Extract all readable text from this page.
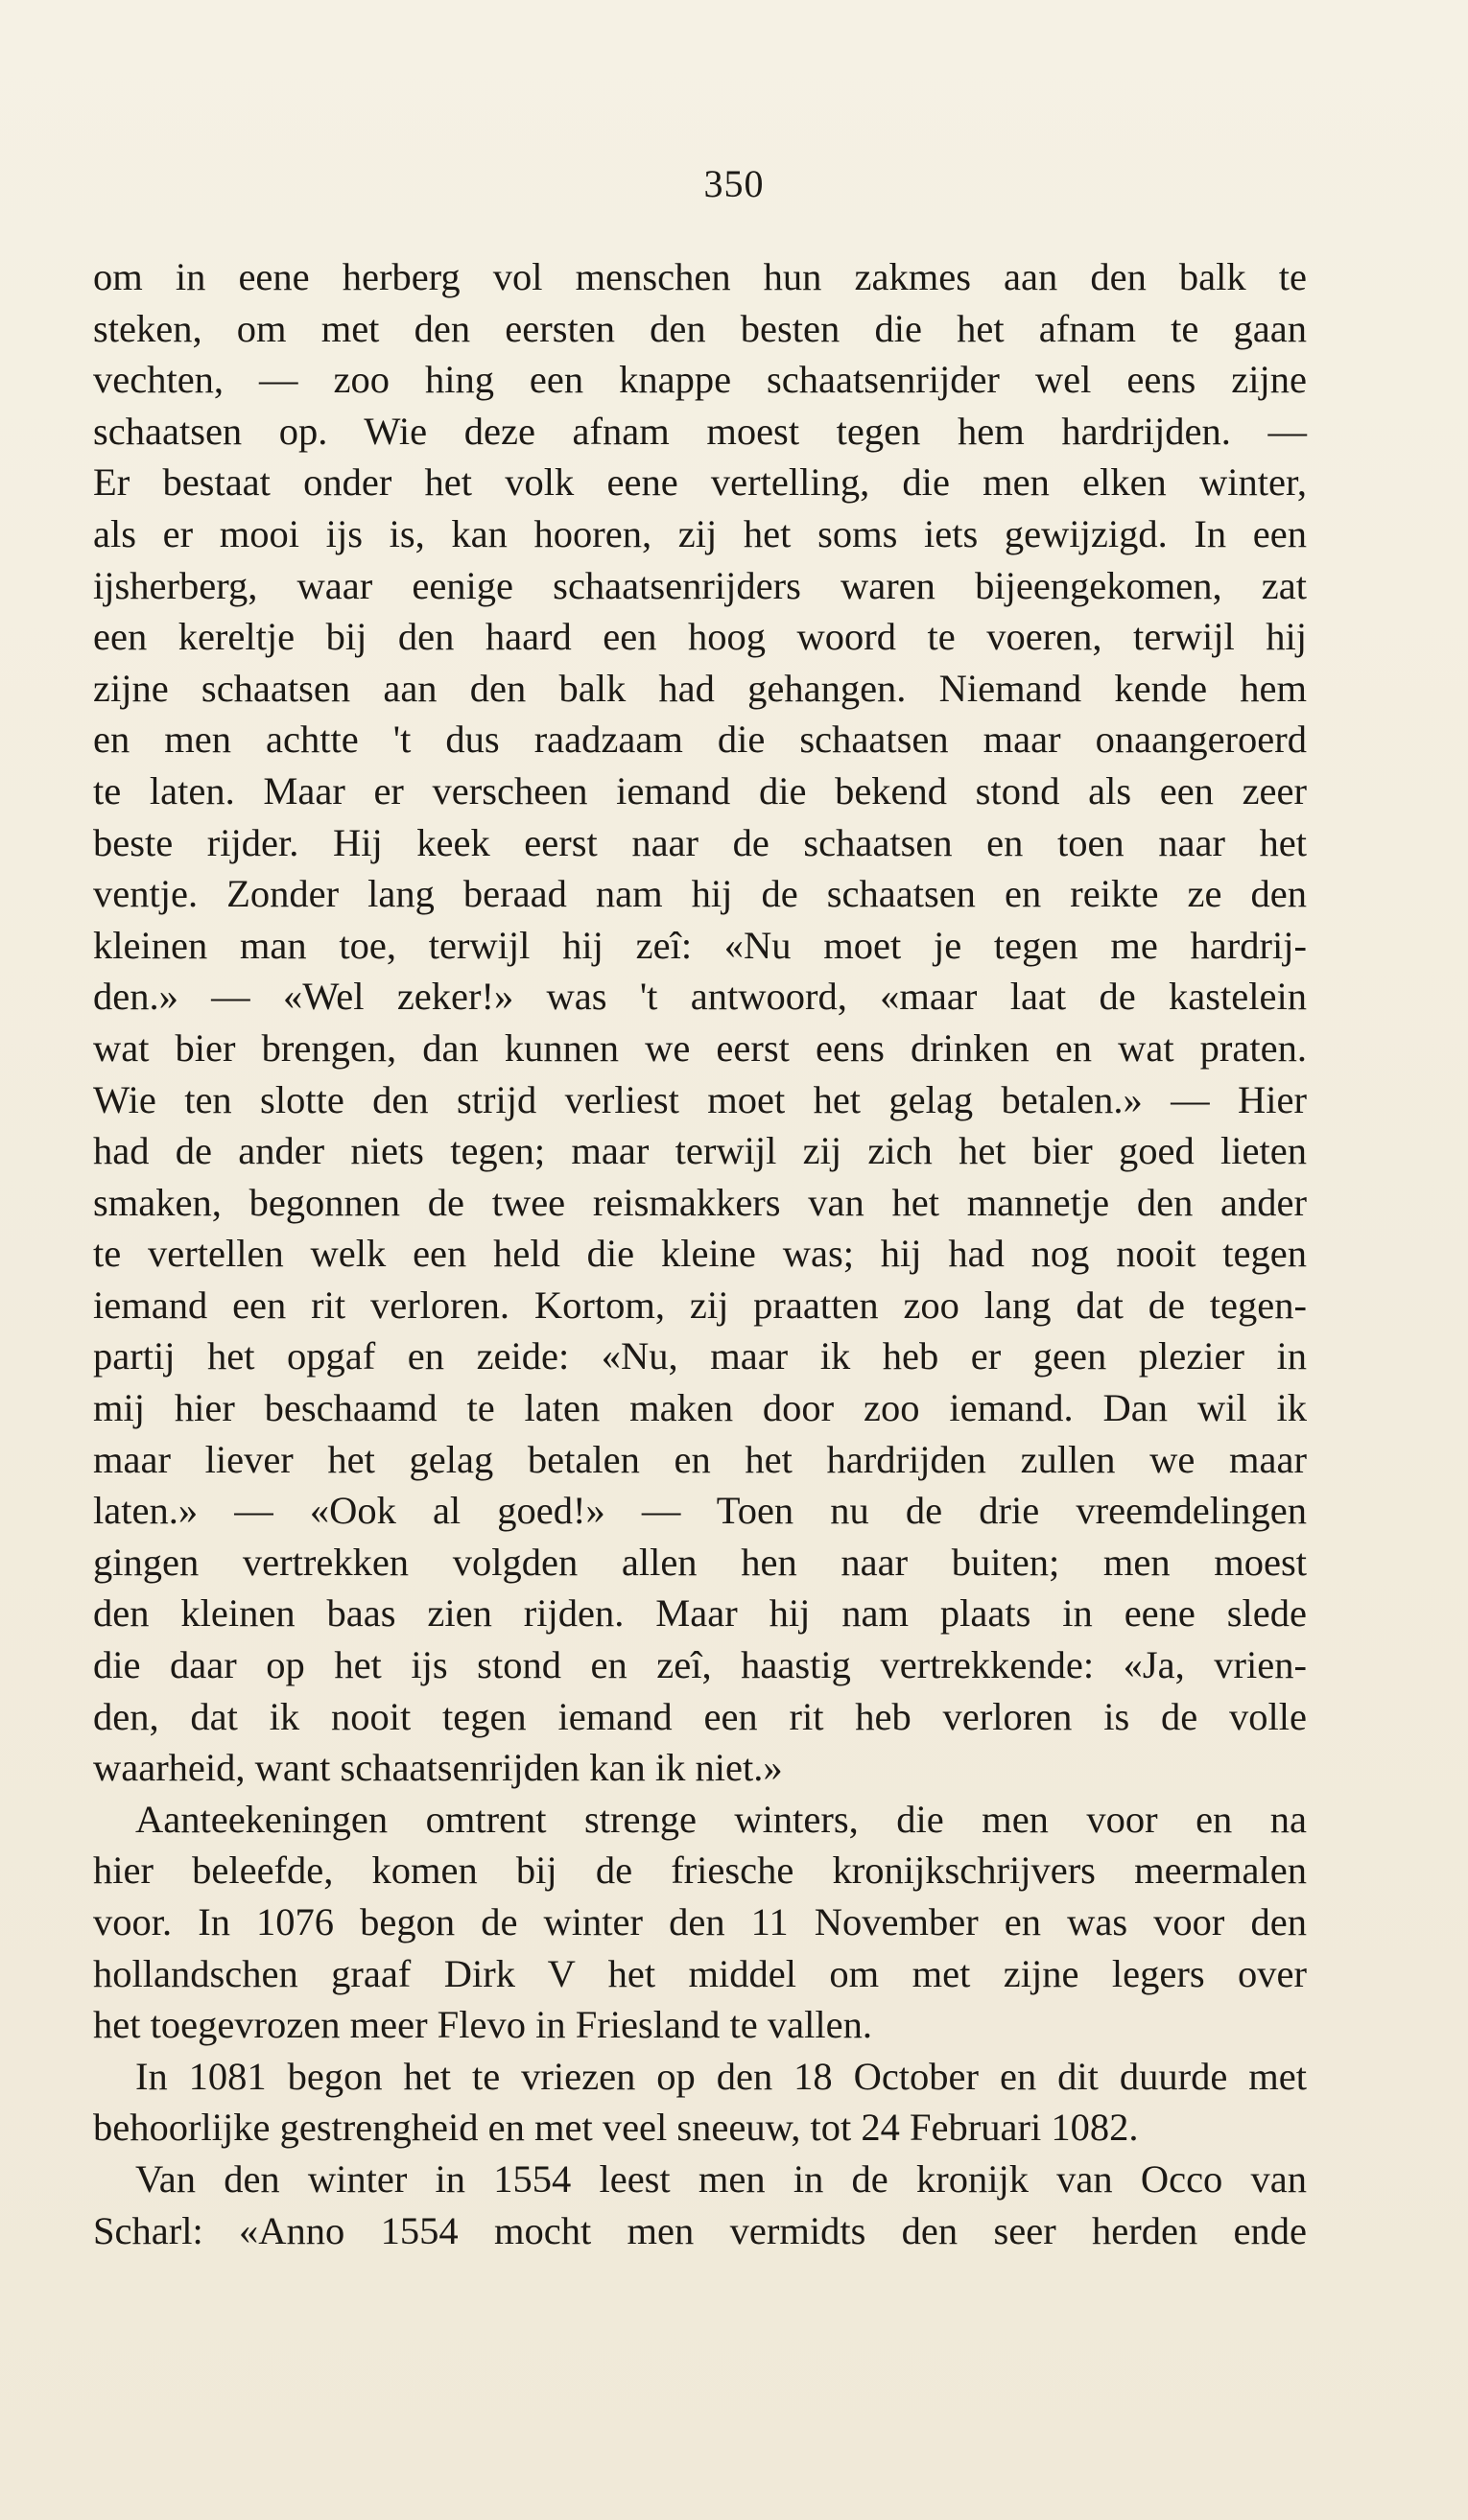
350
om in eene herberg vol menschen hun zakmes aan den balk te
steken, om met den eersten den besten die het afnam te gaan
vechten, — zoo hing een knappe schaatsenrijder wel eens zijne
schaatsen op. Wie deze afnam moest tegen hem hardrijden. —
Er bestaat onder het volk eene vertelling, die men elken winter,
als er mooi ijs is, kan hooren, zij het soms iets gewijzigd. In een
ijsherberg, waar eenige schaatsenrijders waren bijeengekomen, zat
een kereltje bij den haard een hoog woord te voeren, terwijl hij
zijne schaatsen aan den balk had gehangen. Niemand kende hem
en men achtte 't dus raadzaam die schaatsen maar onaangeroerd
te laten. Maar er verscheen iemand die bekend stond als een zeer
beste rijder. Hij keek eerst naar de schaatsen en toen naar het
ventje. Zonder lang beraad nam hij de schaatsen en reikte ze den
kleinen man toe, terwijl hij zeî: «Nu moet je tegen me hardrij-
den.» — «Wel zeker!» was 't antwoord, «maar laat de kastelein
wat bier brengen, dan kunnen we eerst eens drinken en wat praten.
Wie ten slotte den strijd verliest moet het gelag betalen.» — Hier
had de ander niets tegen; maar terwijl zij zich het bier goed lieten
smaken, begonnen de twee reismakkers van het mannetje den ander
te vertellen welk een held die kleine was; hij had nog nooit tegen
iemand een rit verloren. Kortom, zij praatten zoo lang dat de tegen-
partij het opgaf en zeide: «Nu, maar ik heb er geen plezier in
mij hier beschaamd te laten maken door zoo iemand. Dan wil ik
maar liever het gelag betalen en het hardrijden zullen we maar
laten.» — «Ook al goed!» — Toen nu de drie vreemdelingen
gingen vertrekken volgden allen hen naar buiten; men moest
den kleinen baas zien rijden. Maar hij nam plaats in eene slede
die daar op het ijs stond en zeî, haastig vertrekkende: «Ja, vrien-
den, dat ik nooit tegen iemand een rit heb verloren is de volle
waarheid, want schaatsenrijden kan ik niet.»
Aanteekeningen omtrent strenge winters, die men voor en na
hier beleefde, komen bij de friesche kronijkschrijvers meermalen
voor. In 1076 begon de winter den 11 November en was voor den
hollandschen graaf Dirk V het middel om met zijne legers over
het toegevrozen meer Flevo in Friesland te vallen.
In 1081 begon het te vriezen op den 18 October en dit duurde met
behoorlijke gestrengheid en met veel sneeuw, tot 24 Februari 1082.
Van den winter in 1554 leest men in de kronijk van Occo van
Scharl: «Anno 1554 mocht men vermidts den seer herden ende
